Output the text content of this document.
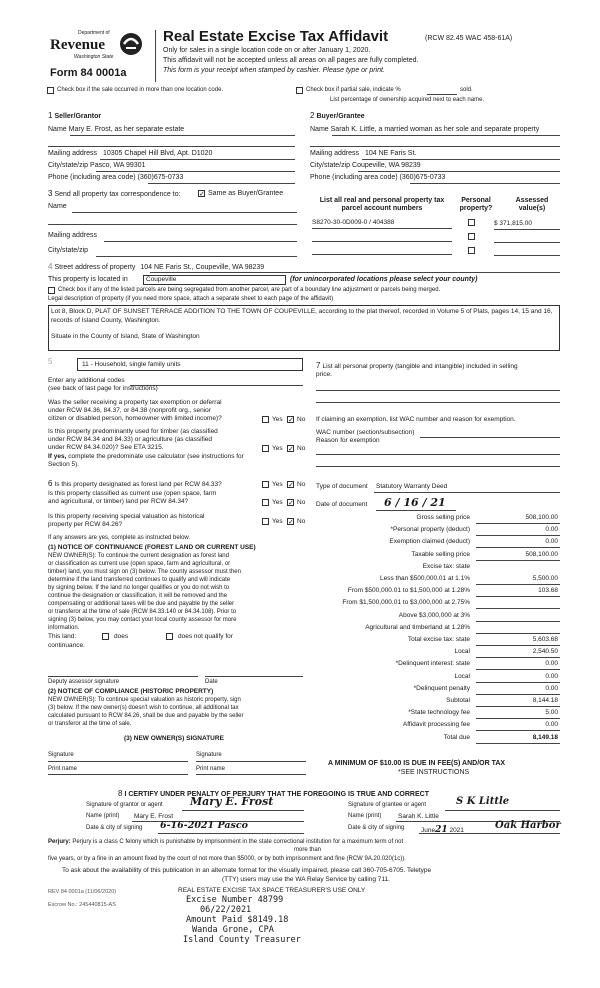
Department of
Revenue
Washington State
Form 84 0001a
Real Estate Excise Tax Affidavit	(RCW 82.45 WAC 458-61A)
Only for sales in a single location code on or after January 1, 2020.
This affidavit will not be accepted unless all areas on all pages are fully completed.
This form is your receipt when stamped by cashier. Please type or print.
Check box if the sale occurred in more than one location code.	Check box if partial sale, indicate %	sold.
List percentage of ownership acquired next to each name.
1 Seller/Grantor
Name Mary E. Frost, as her separate estate
Mailing address 10305 Chapel Hill Blvd, Apt. D1020
City/state/zip Pasco, WA 99301
Phone (including area code) (360)675-0733
2 Buyer/Grantee
Name Sarah K. Little, a married woman as her sole and separate property
Mailing address 104 NE Faris St.
City/state/zip Coupeville, WA 98239
Phone (including area code) (360)675-0733
3 Send all property tax correspondence to:	✓ Same as Buyer/Grantee
Name
Mailing address
City/state/zip
List all real and personal property tax parcel account numbers
Personal property?
Assessed value(s)
S8270-30-0D009-0 / 404388	$ 371,815.00
4 Street address of property 104 NE Faris St., Coupeville, WA 98239
This property is located in	Coupeville	(for unincorporated locations please select your county)
Check box if any of the listed parcels are being segregated from another parcel, are part of a boundary line adjustment or parcels being merged.
Legal description of property (if you need more space, attach a separate sheet to each page of the affidavit)
Lot 8, Block D, PLAT OF SUNSET TERRACE ADDITION TO THE TOWN OF COUPEVILLE, according to the plat thereof, recorded in Volume 5 of Plats, pages 14, 15 and 16, records of Island County, Washington.
Situate in the County of Island, State of Washington
5	11 - Household, single family units
Enter any additional codes
(see back of last page for instructions)
Was the seller receiving a property tax exemption or deferral
under RCW 84.36, 84.37, or 84.38 (nonprofit org., senior
citizen or disabled person, homeowner with limited income)?	Yes ✓ No
Is this property predominantly used for timber (as classified
under RCW 84.34 and 84.33) or agriculture (as classified
under RCW 84.34.020)? See ETA 3215.	Yes ✓ No
If yes, complete the predominate use calculator (see instructions for
Section 5).
7 List all personal property (tangible and intangible) included in selling
price.
If claiming an exemption, list WAC number and reason for exemption.
WAC number (section/subsection)
Reason for exemption
6 Is this property designated as forest land per RCW 84.33?	Yes ✓ No
Is this property classified as current use (open space, farm
and agricultural, or timber) land per RCW 84.34?	Yes ✓ No
Is this property receiving special valuation as historical
property per RCW 84.26?	Yes ✓ No
If any answers are yes, complete as instructed below.
(1) NOTICE OF CONTINUANCE (FOREST LAND OR CURRENT USE)
NEW OWNER(S): To continue the current designation as forest land
or classification as current use (open space, farm and agricultural, or
timber) land, you must sign on (3) below. The county assessor must then
determine if the land transferred continues to qualify and will indicate
by signing below. If the land no longer qualifies or you do not wish to
continue the designation or classification, it will be removed and the
compensating or additional taxes will be due and payable by the seller
or transferor at the time of sale (RCW 84.33.140 or 84.34.108). Prior to
signing (3) below, you may contact your local county assessor for more
information.
This land:	does	does not qualify for
continuance.
Deputy assessor signature	Date
(2) NOTICE OF COMPLIANCE (HISTORIC PROPERTY)
NEW OWNER(S): To continue special valuation as historic property, sign
(3) below. If the new owner(s) doesn't wish to continue, all additional tax
calculated pursuant to RCW 84.26, shall be due and payable by the seller
or transferor at the time of sale.
(3) NEW OWNER(S) SIGNATURE
Signature	Signature
Print name	Print name
Type of document Statutory Warranty Deed
Date of document 6 / 16 / 21
Gross selling price	508,100.00
*Personal property (deduct)	0.00
Exemption claimed (deduct)	0.00
Taxable selling price	508,100.00
Excise tax: state
Less than $500,000.01 at 1.1%	5,500.00
From $500,000.01 to $1,500,000 at 1.28%	103.68
From $1,500,000.01 to $3,000,000 at 2.75%
Above $3,000,000 at 3%
Agricultural and timberland at 1.28%
Total excise tax: state	5,603.68
Local	2,540.50
*Delinquent interest: state	0.00
Local	0.00
*Delinquent penalty	0.00
Subtotal	8,144.18
*State technology fee	5.00
Affidavit processing fee	0.00
Total due	8,149.18
A MINIMUM OF $10.00 IS DUE IN FEE(S) AND/OR TAX
*SEE INSTRUCTIONS
8 I CERTIFY UNDER PENALTY OF PERJURY THAT THE FOREGOING IS TRUE AND CORRECT
Signature of grantor or agent Mary E. Frost
Name (print) Mary E. Frost
Date & city of signing 6-16-2021 Pasco
Signature of grantee or agent	S K Little
Name (print)	Sarah K. Little
Date & city of signing	June21 2021	Oak Harbor
Perjury: Perjury is a class C felony which is punishable by imprisonment in the state correctional institution for a maximum term of not
more than
five years, or by a fine in an amount fixed by the court of not more than $5000, or by both imprisonment and fine (RCW 9A.20.020(1c)).
To ask about the availability of this publication in an alternate format for the visually impaired, please call 360-705-6705. Teletype
(TTY) users may use the WA Relay Service by calling 711.
REV 84 0001a (11/06/2020)
Escrow No.: 245440815-AS
REAL ESTATE EXCISE TAX SPACE TREASURER'S USE ONLY
Excise Number 48799
06/22/2021
Amount Paid $8149.18
Wanda Grone, CPA
Island County Treasurer
